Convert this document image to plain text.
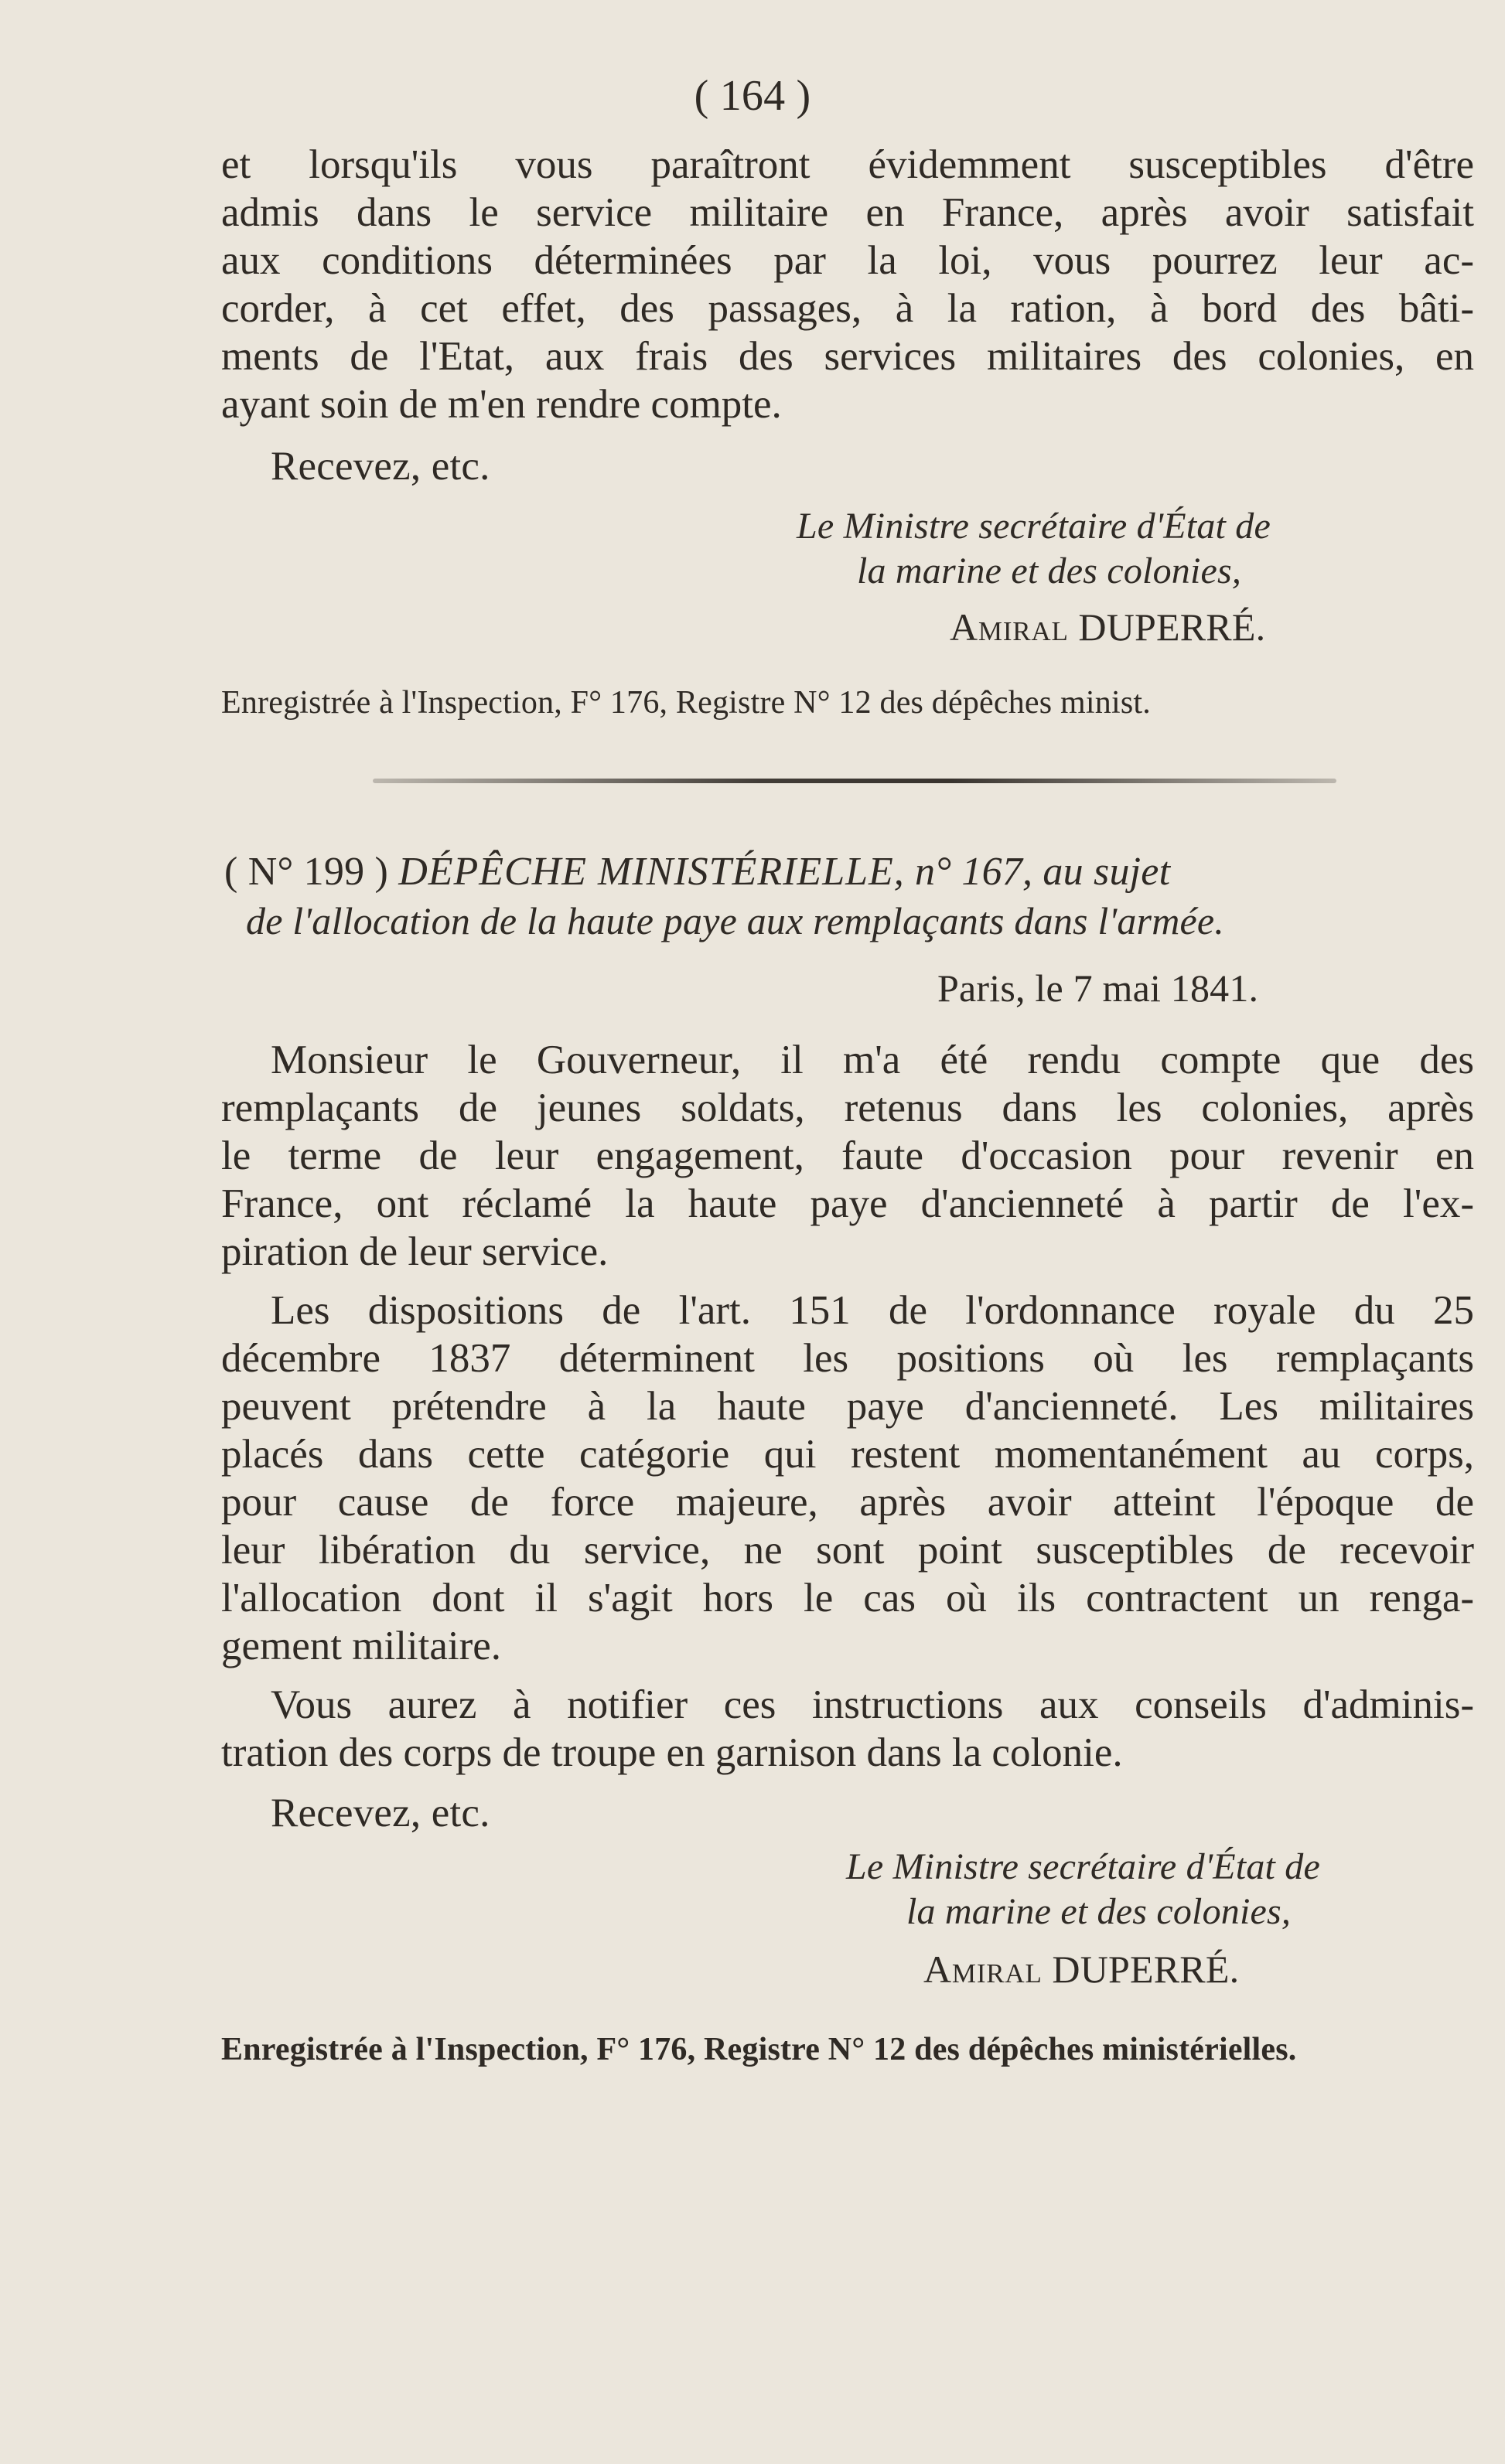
( 164 )
et lorsqu'ils vous paraîtront évidemment susceptibles d'être
admis dans le service militaire en France, après avoir satisfait
aux conditions déterminées par la loi, vous pourrez leur ac-
corder, à cet effet, des passages, à la ration, à bord des bâti-
ments de l'Etat, aux frais des services militaires des colonies, en
ayant soin de m'en rendre compte.
Recevez, etc.
Le Ministre secrétaire d'État de
la marine et des colonies,
Amiral DUPERRÉ.
Enregistrée à l'Inspection, F° 176, Registre N° 12 des dépêches minist.
( N° 199 ) DÉPÊCHE MINISTÉRIELLE, n° 167, au sujet
de l'allocation de la haute paye aux remplaçants dans l'armée.
Paris, le 7 mai 1841.
Monsieur le Gouverneur, il m'a été rendu compte que des
remplaçants de jeunes soldats, retenus dans les colonies, après
le terme de leur engagement, faute d'occasion pour revenir en
France, ont réclamé la haute paye d'ancienneté à partir de l'ex-
piration de leur service.
Les dispositions de l'art. 151 de l'ordonnance royale du 25
décembre 1837 déterminent les positions où les remplaçants
peuvent prétendre à la haute paye d'ancienneté. Les militaires
placés dans cette catégorie qui restent momentanément au corps,
pour cause de force majeure, après avoir atteint l'époque de
leur libération du service, ne sont point susceptibles de recevoir
l'allocation dont il s'agit hors le cas où ils contractent un renga-
gement militaire.
Vous aurez à notifier ces instructions aux conseils d'adminis-
tration des corps de troupe en garnison dans la colonie.
Recevez, etc.
Le Ministre secrétaire d'État de
la marine et des colonies,
Amiral DUPERRÉ.
Enregistrée à l'Inspection, F° 176, Registre N° 12 des dépêches ministérielles.
